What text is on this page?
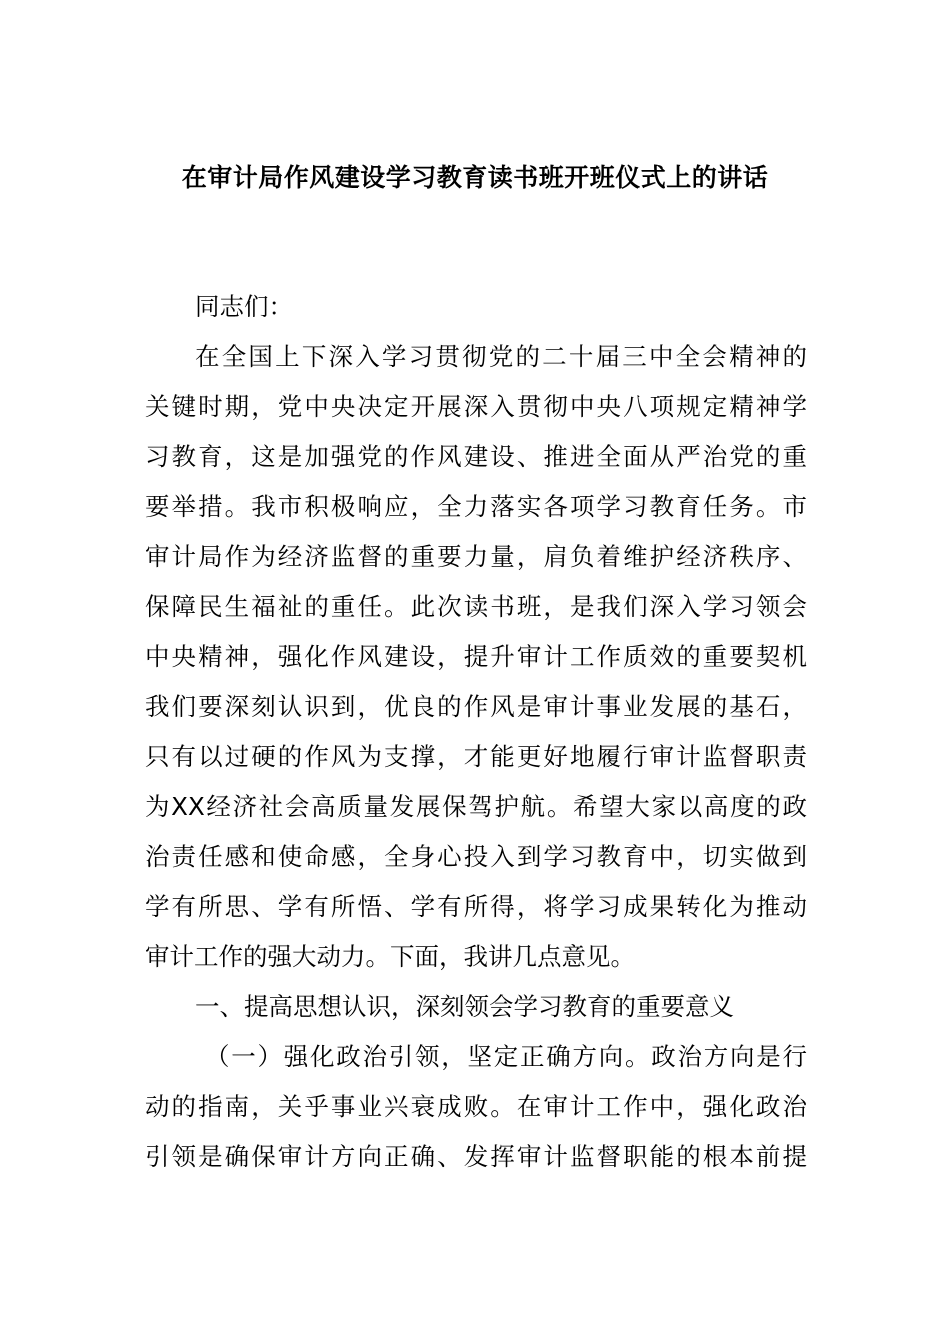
在审计局作风建设学习教育读书班开班仪式上的讲话
同志们：
在全国上下深入学习贯彻党的二十届三中全会精神的
关键时期，党中央决定开展深入贯彻中央八项规定精神学
习教育，这是加强党的作风建设、推进全面从严治党的重
要举措。我市积极响应，全力落实各项学习教育任务。市
审计局作为经济监督的重要力量，肩负着维护经济秩序、
保障民生福祉的重任。此次读书班，是我们深入学习领会
中央精神，强化作风建设，提升审计工作质效的重要契机
我们要深刻认识到，优良的作风是审计事业发展的基石，
只有以过硬的作风为支撑，才能更好地履行审计监督职责
为XX经济社会高质量发展保驾护航。希望大家以高度的政
治责任感和使命感，全身心投入到学习教育中，切实做到
学有所思、学有所悟、学有所得，将学习成果转化为推动
审计工作的强大动力。下面，我讲几点意见。
一、提高思想认识，深刻领会学习教育的重要意义
（一）强化政治引领，坚定正确方向。政治方向是行
动的指南，关乎事业兴衰成败。在审计工作中，强化政治
引领是确保审计方向正确、发挥审计监督职能的根本前提
